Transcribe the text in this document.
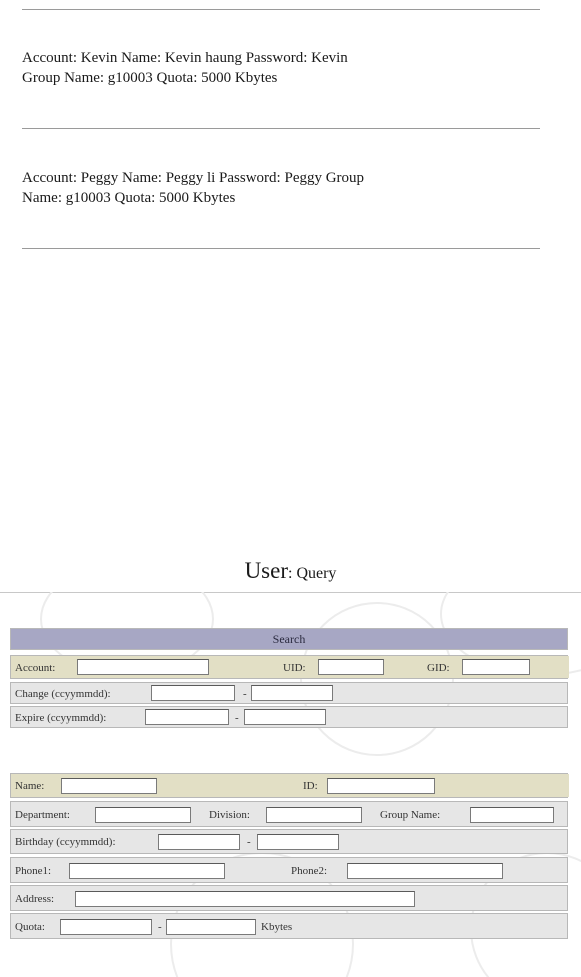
Account: Kevin Name: Kevin haung Password: Kevin
Group Name: g10003 Quota: 5000 Kbytes
Account: Peggy Name: Peggy li Password: Peggy Group
Name: g10003 Quota: 5000 Kbytes
User: Query
Search
Account:	UID:	GID:
Change (ccyymmdd):	-
Expire (ccyymmdd):	-
Name:	ID:
Department:	Division:	Group Name:
Birthday (ccyymmdd):	-
Phone1:	Phone2:
Address:
Quota:	-	Kbytes
